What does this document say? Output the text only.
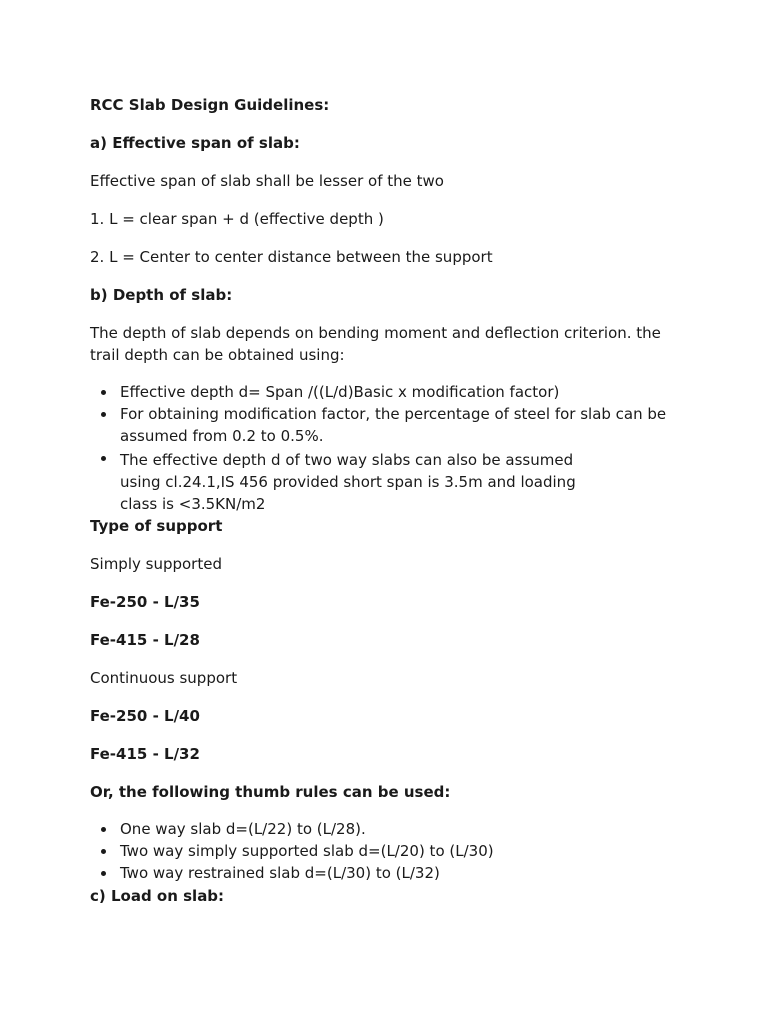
RCC Slab Design Guidelines:

a) Effective span of slab:

Effective span of slab shall be lesser of the two

1. L = clear span + d (effective depth )

2. L = Center to center distance between the support

b) Depth of slab:

The depth of slab depends on bending moment and deflection criterion. the trail depth can be obtained using:

Effective depth d= Span /((L/d)Basic x modification factor)

For obtaining modification factor, the percentage of steel for slab can be assumed from 0.2 to 0.5%.

The effective depth d of two way slabs can also be assumed using cl.24.1,IS 456 provided short span is 3.5m and loading class is <3.5KN/m2

Type of support

Simply supported

Fe-250 - L/35

Fe-415 - L/28

Continuous support

Fe-250 - L/40

Fe-415 - L/32

Or, the following thumb rules can be used:

One way slab d=(L/22) to (L/28).

Two way simply supported slab d=(L/20) to (L/30)

Two way restrained slab d=(L/30) to (L/32)

c) Load on slab:
